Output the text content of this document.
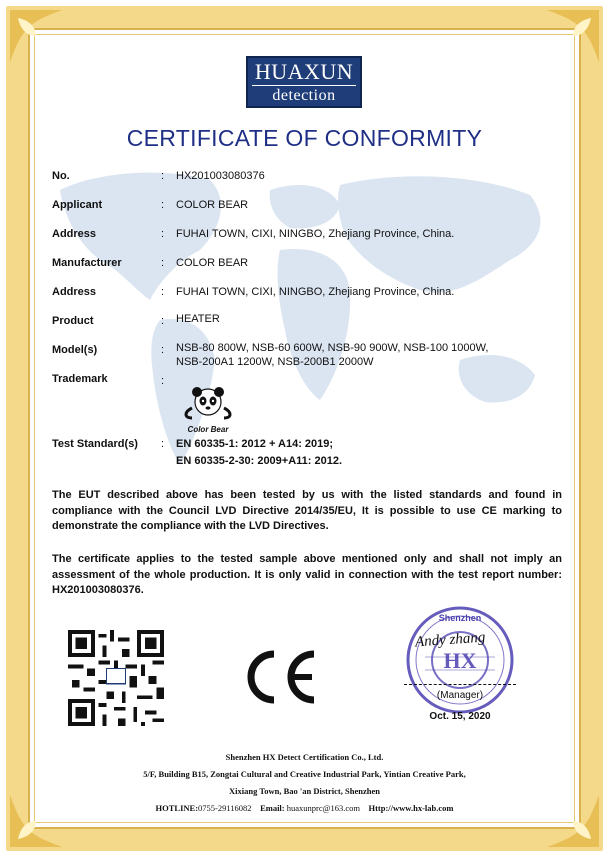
HUAXUN
detection
CERTIFICATE OF CONFORMITY
No.	: HX201003080376
Applicant	: COLOR BEAR
Address	: FUHAI TOWN, CIXI, NINGBO, Zhejiang Province, China.
Manufacturer	: COLOR BEAR
Address	: FUHAI TOWN, CIXI, NINGBO, Zhejiang Province, China.
Product	: HEATER
Model(s)	: NSB-80 800W, NSB-60 600W, NSB-90 900W, NSB-100 1000W,
NSB-200A1 1200W, NSB-200B1 2000W
Trademark	:
Color Bear
Test Standard(s) : EN 60335-1: 2012 + A14: 2019;
EN 60335-2-30: 2009+A11: 2012.
The EUT described above has been tested by us with the listed standards and found in compliance with the Council LVD Directive 2014/35/EU, It is possible to use CE marking to demonstrate the compliance with the LVD Directives.
The certificate applies to the tested sample above mentioned only and shall not imply an assessment of the whole production. It is only valid in connection with the test report number: HX201003080376.
Shenzhen
HX
Andy zhang
(Manager)
Oct. 15, 2020
Shenzhen HX Detect Certification Co., Ltd.
5/F, Building B15, Zongtai Cultural and Creative Industrial Park, Yintian Creative Park,
Xixiang Town, Bao 'an District, Shenzhen
HOTLINE:0755-29116082 Email: huaxunprc@163.com Http://www.hx-lab.com
